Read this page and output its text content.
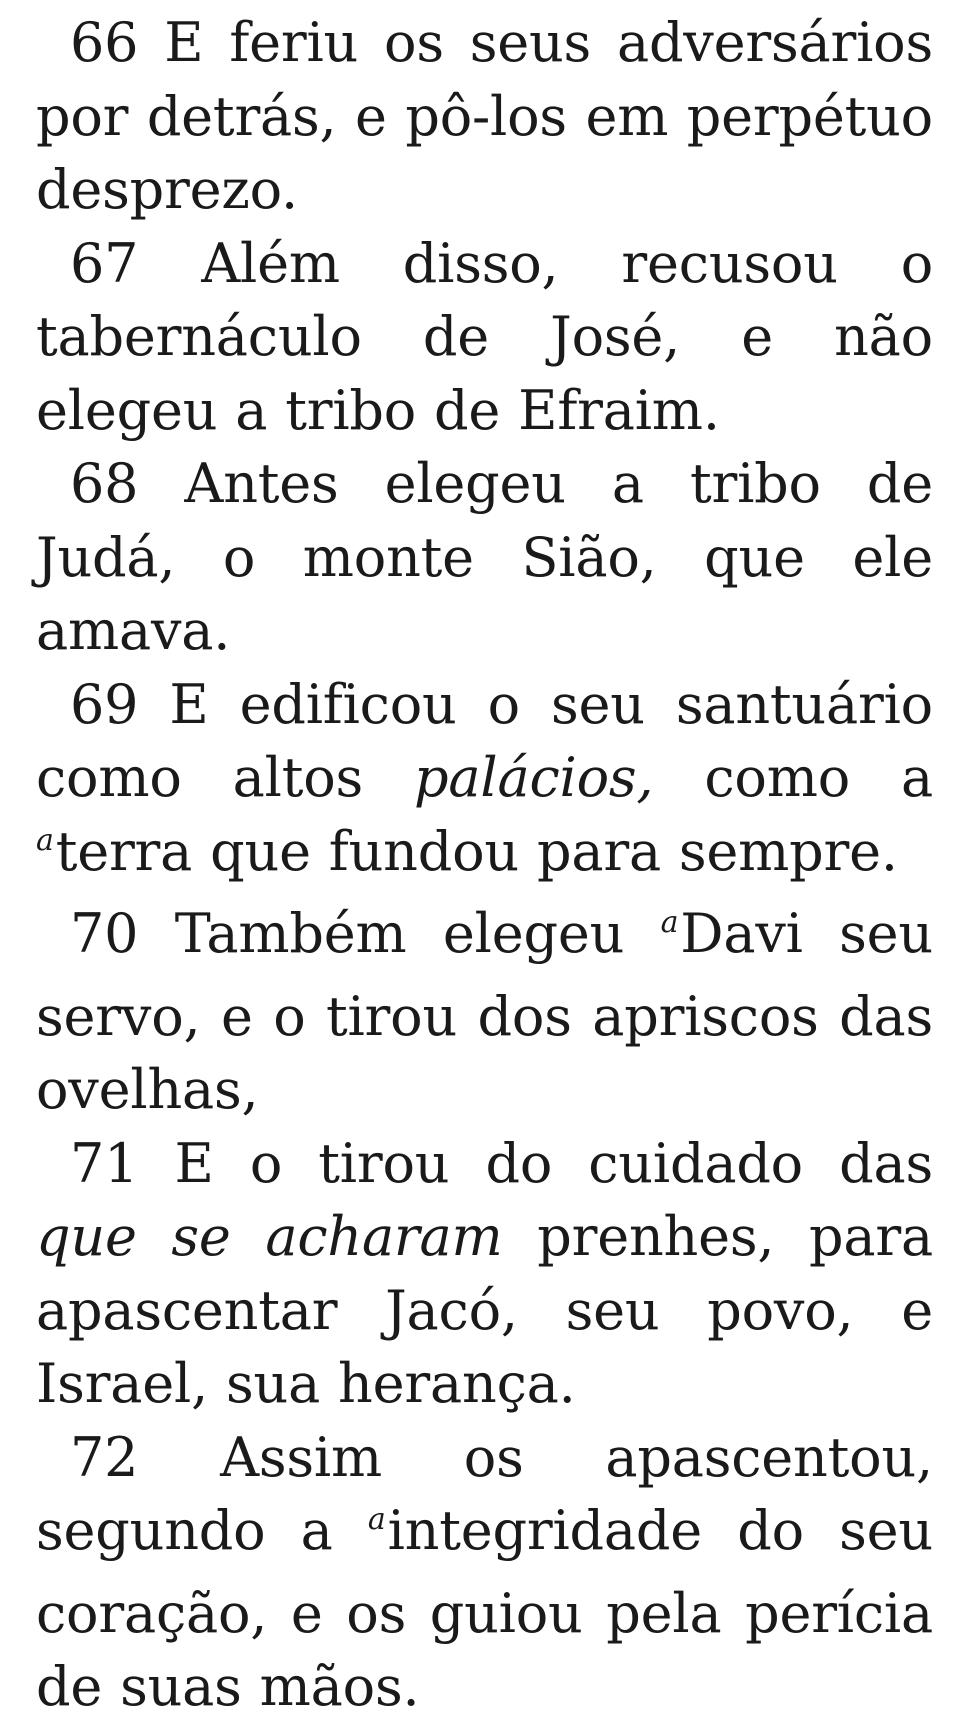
66 E feriu os seus adversários por detrás, e pô-los em perpétuo desprezo.

67 Além disso, recusou o tabernáculo de José, e não elegeu a tribo de Efraim.

68 Antes elegeu a tribo de Judá, o monte Sião, que ele amava.

69 E edificou o seu santuário como altos palácios, como a $^a$terra que fundou para sempre.

70 Também elegeu $^a$Davi seu servo, e o tirou dos apriscos das ovelhas,

71 E o tirou do cuidado das que se acharam prenhes, para apascentar Jacó, seu povo, e Israel, sua herança.

72 Assim os apascentou, segundo a $^a$integridade do seu coração, e os guiou pela perícia de suas mãos.
